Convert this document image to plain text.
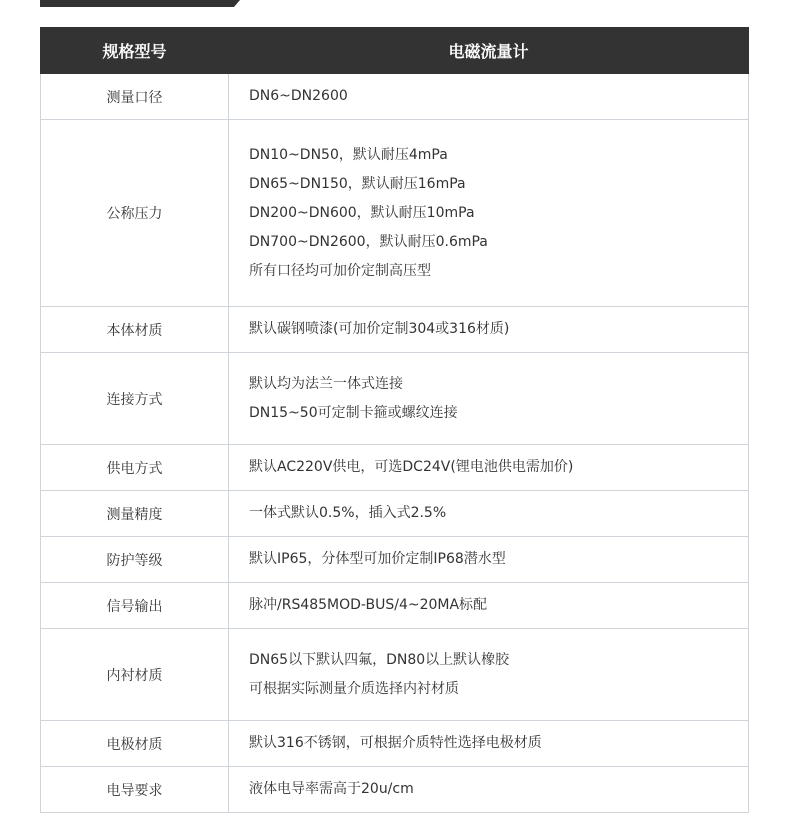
规格型号	电磁流量计
测量口径	DN6~DN2600

公称压力	DN10~DN50，默认耐压4mPa
DN65~DN150，默认耐压16mPa
DN200~DN600，默认耐压10mPa
DN700~DN2600，默认耐压0.6mPa
所有口径均可加价定制高压型

本体材质	默认碳钢喷漆(可加价定制304或316材质)

连接方式	默认均为法兰一体式连接
DN15~50可定制卡箍或螺纹连接

供电方式	默认AC220V供电，可选DC24V(锂电池供电需加价)

测量精度	一体式默认0.5%，插入式2.5%

防护等级	默认IP65，分体型可加价定制IP68潜水型

信号输出	脉冲/RS485MOD-BUS/4~20MA标配

内衬材质	DN65以下默认四氟，DN80以上默认橡胶
可根据实际测量介质选择内衬材质

电极材质	默认316不锈钢，可根据介质特性选择电极材质

电导要求	液体电导率需高于20u/cm
